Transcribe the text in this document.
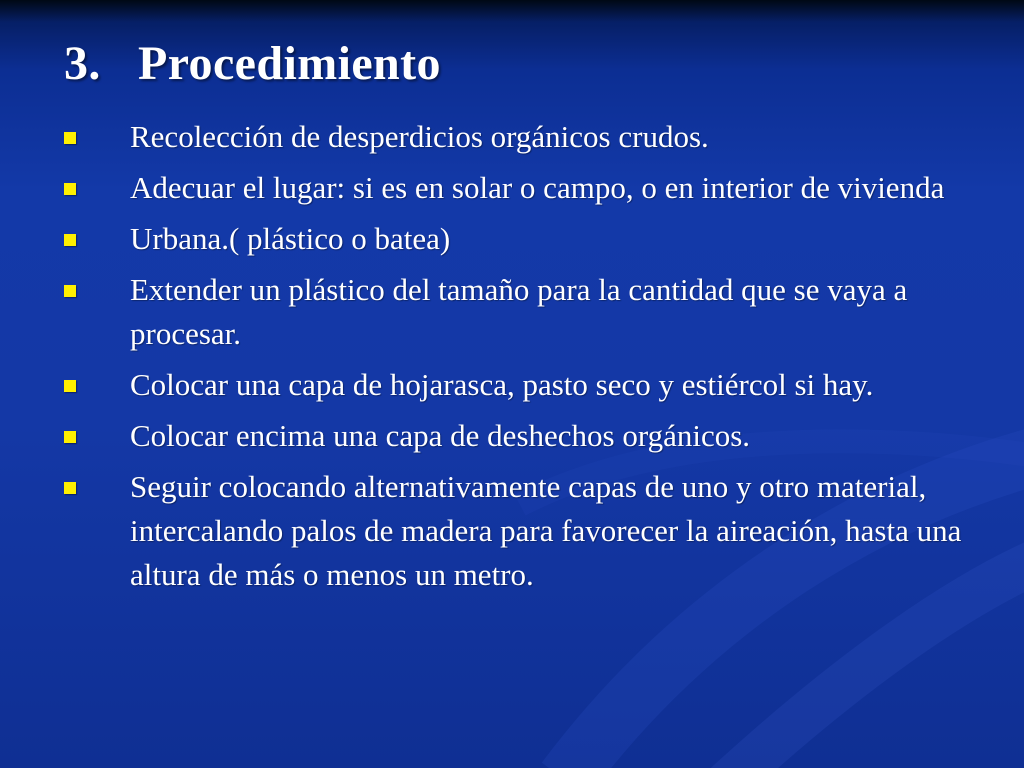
3. Procedimiento
Recolección de desperdicios orgánicos crudos.
Adecuar el lugar: si es en solar o campo, o en interior de vivienda
Urbana.( plástico o batea)
Extender un plástico del tamaño para la cantidad que se vaya a procesar.
Colocar una capa de hojarasca, pasto seco y estiércol si hay.
Colocar encima una capa de deshechos orgánicos.
Seguir colocando alternativamente capas de uno y otro material, intercalando palos de madera para favorecer la aireación, hasta una altura de más o menos un metro.
